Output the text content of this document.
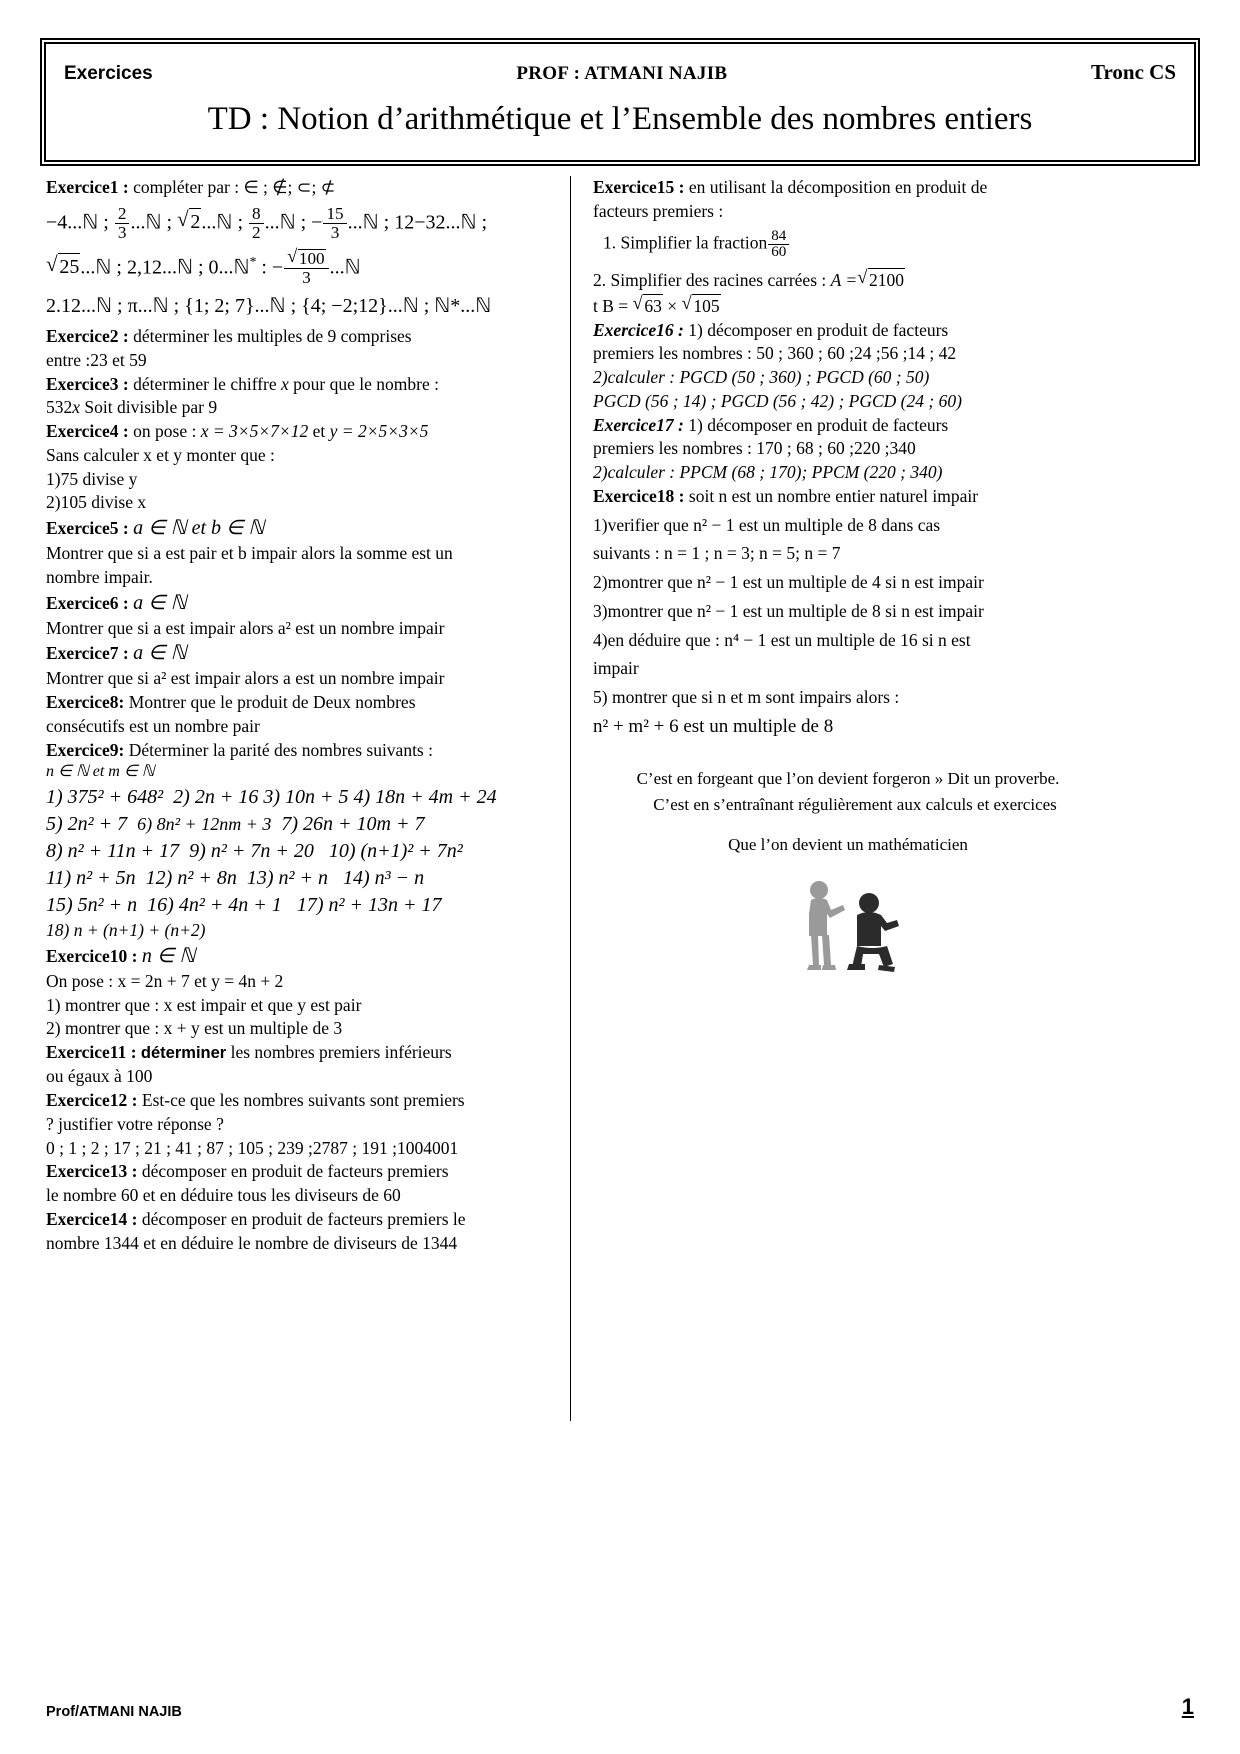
Exercices	PROF : ATMANI NAJIB	Tronc CS
TD : Notion d’arithmétique et l’Ensemble des nombres entiers
Exercice1 : compléter par : ∈ ; ∉; ⊂; ⊄
−4...ℕ ; $\frac{2}{3}$ ...ℕ ; √ 2...ℕ ; $\frac{8}{2}$ ...ℕ ; − $\frac{15}{3}$ ...ℕ ; 12−32...ℕ ;
√ 25...ℕ ; 2,12...ℕ ; 0...ℕ* : − √ $\frac{100}{3}$ ...ℕ
2.12...ℕ ; π...ℕ ; {1; 2; 7}...ℕ ; {4; −2;12}...ℕ ; ℕ*...ℕ
Exercice2 : déterminer les multiples de 9 comprises
entre :23 et 59
Exercice3 : déterminer le chiffre x pour que le nombre :
532x Soit divisible par 9
Exercice4 : on pose : x = 3×5×7×12 et y = 2×5×3×5
Sans calculer x et y monter que :
1)75 divise y
2)105 divise x
Exercice5 : a ∈ ℕ et b ∈ ℕ
Montrer que si a est pair et b impair alors la somme est un
nombre impair.
Exercice6 : a ∈ ℕ
Montrer que si a est impair alors a² est un nombre impair
Exercice7 : a ∈ ℕ
Montrer que si a² est impair alors a est un nombre impair
Exercice8: Montrer que le produit de Deux nombres
consécutifs est un nombre pair
Exercice9: Déterminer la parité des nombres suivants :
n ∈ ℕ et m ∈ ℕ
1) 375² + 648² 2) 2n + 16 3) 10n + 5 4) 18n + 4m + 24
5) 2n² + 7 6) 8n² + 12nm + 3 7) 26n + 10m + 7
8) n² + 11n + 17 9) n² + 7n + 20 10) (n+1)² + 7n²
11) n² + 5n 12) n² + 8n 13) n² + n 14) n³ − n
15) 5n² + n 16) 4n² + 4n + 1 17) n² + 13n + 17
18) n + (n+1) + (n+2)
Exercice10 : n ∈ ℕ
On pose : x = 2n + 7 et y = 4n + 2
1) montrer que : x est impair et que y est pair
2) montrer que : x + y est un multiple de 3
Exercice11 : déterminer les nombres premiers inférieurs
ou égaux à 100
Exercice12 : Est-ce que les nombres suivants sont premiers
? justifier votre réponse ?
0 ; 1 ; 2 ; 17 ; 21 ; 41 ; 87 ; 105 ; 239 ;2787 ; 191 ;1004001
Exercice13 : décomposer en produit de facteurs premiers
le nombre 60 et en déduire tous les diviseurs de 60
Exercice14 : décomposer en produit de facteurs premiers le
nombre 1344 et en déduire le nombre de diviseurs de 1344
Exercice15 : en utilisant la décomposition en produit de
facteurs premiers :
1. Simplifier la fraction $\frac{84}{60}$
2. Simplifier des racines carrées : A = √ 2100
t B = √ 63 × √ 105
Exercice16 : 1) décomposer en produit de facteurs
premiers les nombres : 50 ; 360 ; 60 ;24 ;56 ;14 ; 42
2)calculer : PGCD (50 ; 360) ; PGCD (60 ; 50)
PGCD (56 ; 14) ; PGCD (56 ; 42) ; PGCD (24 ; 60)
Exercice17 : 1) décomposer en produit de facteurs
premiers les nombres : 170 ; 68 ; 60 ;220 ;340
2)calculer : PPCM (68 ; 170); PPCM (220 ; 340)
Exercice18 : soit n est un nombre entier naturel impair
1)verifier que n² − 1 est un multiple de 8 dans cas
suivants : n = 1 ; n = 3; n = 5; n = 7
2)montrer que n² − 1 est un multiple de 4 si n est impair
3)montrer que n² − 1 est un multiple de 8 si n est impair
4)en déduire que : n⁴ − 1 est un multiple de 16 si n est
impair
5) montrer que si n et m sont impairs alors :
n² + m² + 6 est un multiple de 8
C’est en forgeant que l’on devient forgeron » Dit un proverbe.
C’est en s’entraînant régulièrement aux calculs et exercices
Que l’on devient un mathématicien
Prof/ATMANI NAJIB	1
